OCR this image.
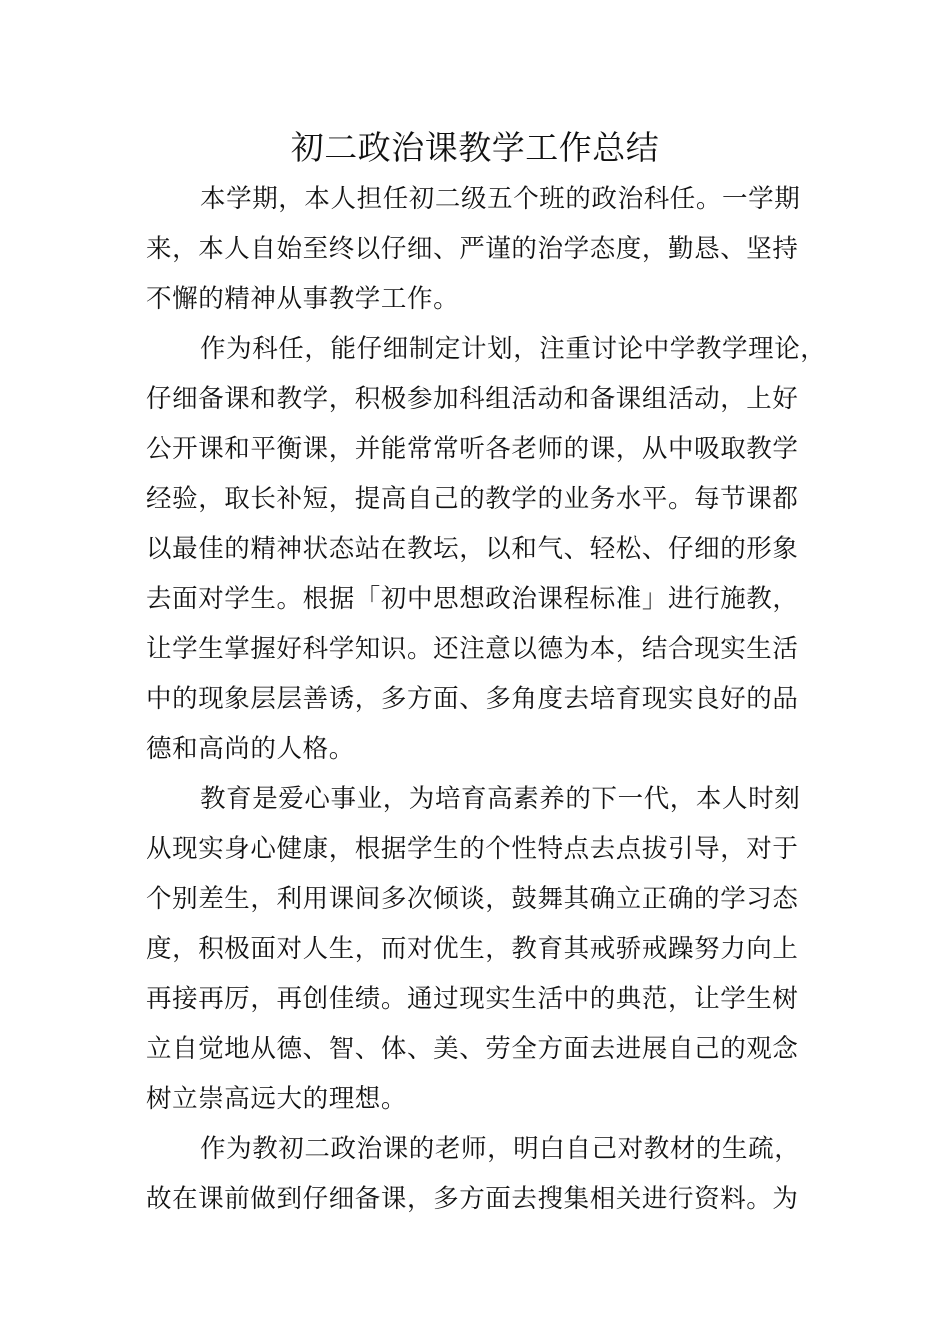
初二政治课教学工作总结
本学期，本人担任初二级五个班的政治科任。一学期
来，本人自始至终以仔细、严谨的治学态度，勤恳、坚持
不懈的精神从事教学工作。
作为科任，能仔细制定计划，注重讨论中学教学理论，
仔细备课和教学，积极参加科组活动和备课组活动，上好
公开课和平衡课，并能常常听各老师的课，从中吸取教学
经验，取长补短，提高自己的教学的业务水平。每节课都
以最佳的精神状态站在教坛，以和气、轻松、仔细的形象
去面对学生。根据「初中思想政治课程标准」进行施教，
让学生掌握好科学知识。还注意以德为本，结合现实生活
中的现象层层善诱，多方面、多角度去培育现实良好的品
德和高尚的人格。
教育是爱心事业，为培育高素养的下一代，本人时刻
从现实身心健康，根据学生的个性特点去点拔引导，对于
个别差生，利用课间多次倾谈，鼓舞其确立正确的学习态
度，积极面对人生，而对优生，教育其戒骄戒躁努力向上
再接再厉，再创佳绩。通过现实生活中的典范，让学生树
立自觉地从德、智、体、美、劳全方面去进展自己的观念
树立崇高远大的理想。
作为教初二政治课的老师，明白自己对教材的生疏，
故在课前做到仔细备课，多方面去搜集相关进行资料。为
